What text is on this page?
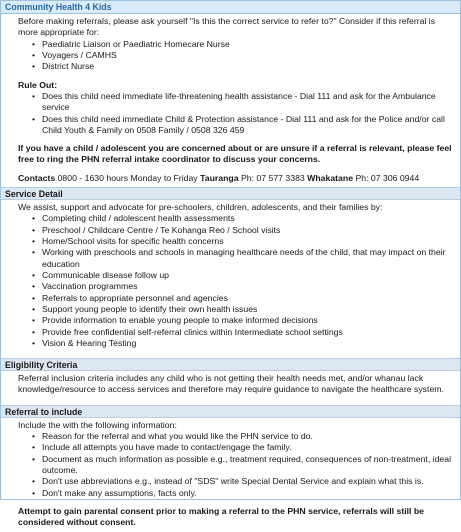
Community Health 4 Kids

Before making referrals, please ask yourself "Is this the correct service to refer to?" Consider if this referral is more appropriate for:

• Paediatric Liaison or Paediatric Homecare Nurse
• Voyagers / CAMHS
• District Nurse

Rule Out:

• Does this child need immediate life-threatening health assistance - Dial 111 and ask for the Ambulance service
• Does this child need immediate Child & Protection assistance - Dial 111 and ask for the Police and/or call Child Youth & Family on 0508 Family / 0508 326 459

If you have a child / adolescent you are concerned about or are unsure if a referral is relevant, please feel free to ring the PHN referral intake coordinator to discuss your concerns.

Contacts 0800 - 1630 hours Monday to Friday Tauranga Ph: 07 577 3383 Whakatane Ph: 07 306 0944

Service Detail

We assist, support and advocate for pre-schoolers, children, adolescents, and their families by:

• Completing child / adolescent health assessments
• Preschool / Childcare Centre / Te Kohanga Reo / School visits
• Home/School visits for specific health concerns
• Working with preschools and schools in managing healthcare needs of the child, that may impact on their education
• Communicable disease follow up
• Vaccination programmes
• Referrals to appropriate personnel and agencies
• Support young people to identify their own health issues
• Provide information to enable young people to make informed decisions
• Provide free confidential self-referral clinics within Intermediate school settings
• Vision & Hearing Testing
Eligibility Criteria

Referral inclusion criteria includes any child who is not getting their health needs met, and/or whanau lack knowledge/resource to access services and therefore may require guidance to navigate the healthcare system.

Referral to include

Include the with the following information:

• Reason for the referral and what you would like the PHN service to do.
• Include all attempts you have made to contact/engage the family.
• Document as much information as possible e.g., treatment required, consequences of non-treatment, ideal outcome.
• Don't use abbreviations e.g., instead of "SDS" write Special Dental Service and explain what this is.
• Don't make any assumptions, facts only.

Attempt to gain parental consent prior to making a referral to the PHN service, referrals will still be considered without consent.
